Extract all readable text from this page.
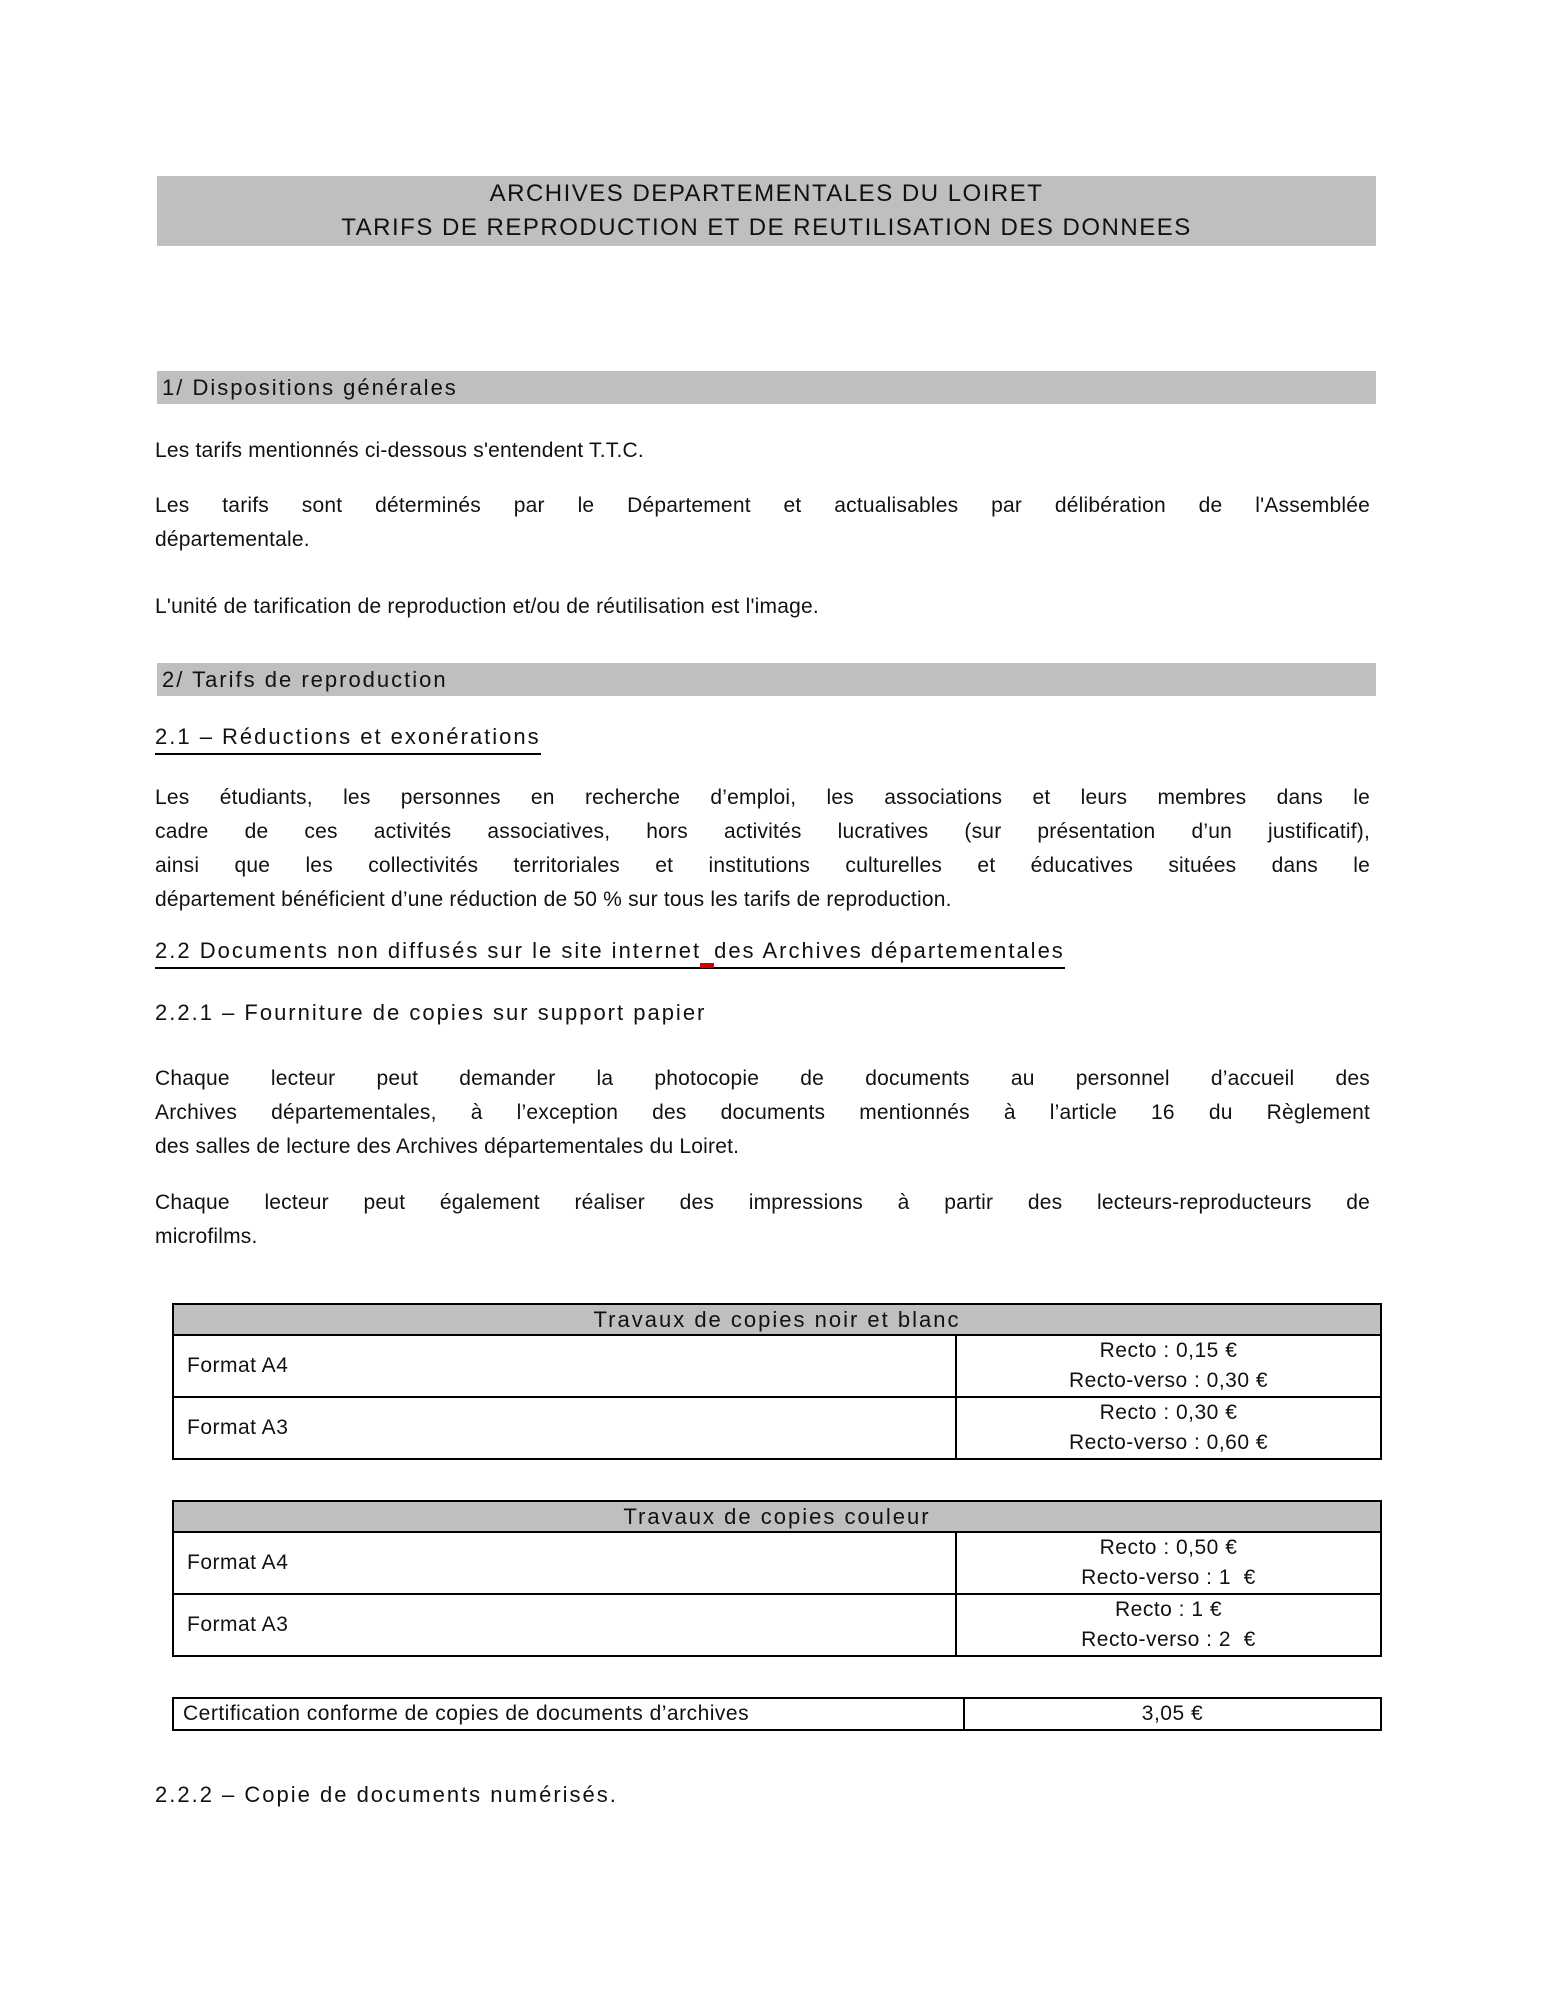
ARCHIVES DEPARTEMENTALES DU LOIRET
TARIFS DE REPRODUCTION ET DE REUTILISATION DES DONNEES
1/ Dispositions générales
Les tarifs mentionnés ci-dessous s'entendent T.T.C.
Les tarifs sont déterminés par le Département et actualisables par délibération de l'Assemblée
départementale.
L'unité de tarification de reproduction et/ou de réutilisation est l'image.
2/ Tarifs de reproduction
2.1 – Réductions et exonérations
Les étudiants, les personnes en recherche d’emploi, les associations et leurs membres dans le
cadre de ces activités associatives, hors activités lucratives (sur présentation d’un justificatif),
ainsi que les collectivités territoriales et institutions culturelles et éducatives situées dans le
département bénéficient d’une réduction de 50 % sur tous les tarifs de reproduction.
2.2 Documents non diffusés sur le site internet des Archives départementales
2.2.1 – Fourniture de copies sur support papier
Chaque lecteur peut demander la photocopie de documents au personnel d’accueil des
Archives départementales, à l’exception des documents mentionnés à l’article 16 du Règlement
des salles de lecture des Archives départementales du Loiret.
Chaque lecteur peut également réaliser des impressions à partir des lecteurs-reproducteurs de
microfilms.
Travaux de copies noir et blanc	
Format A4	Recto : 0,15 €
Recto-verso : 0,30 €

Format A3	Recto : 0,30 €
Recto-verso : 0,60 €
Travaux de copies couleur	
Format A4	Recto : 0,50 €
Recto-verso : 1  €

Format A3	Recto : 1 €
Recto-verso : 2  €
Certification conforme de copies de documents d’archives	3,05 €
2.2.2 – Copie de documents numérisés.
